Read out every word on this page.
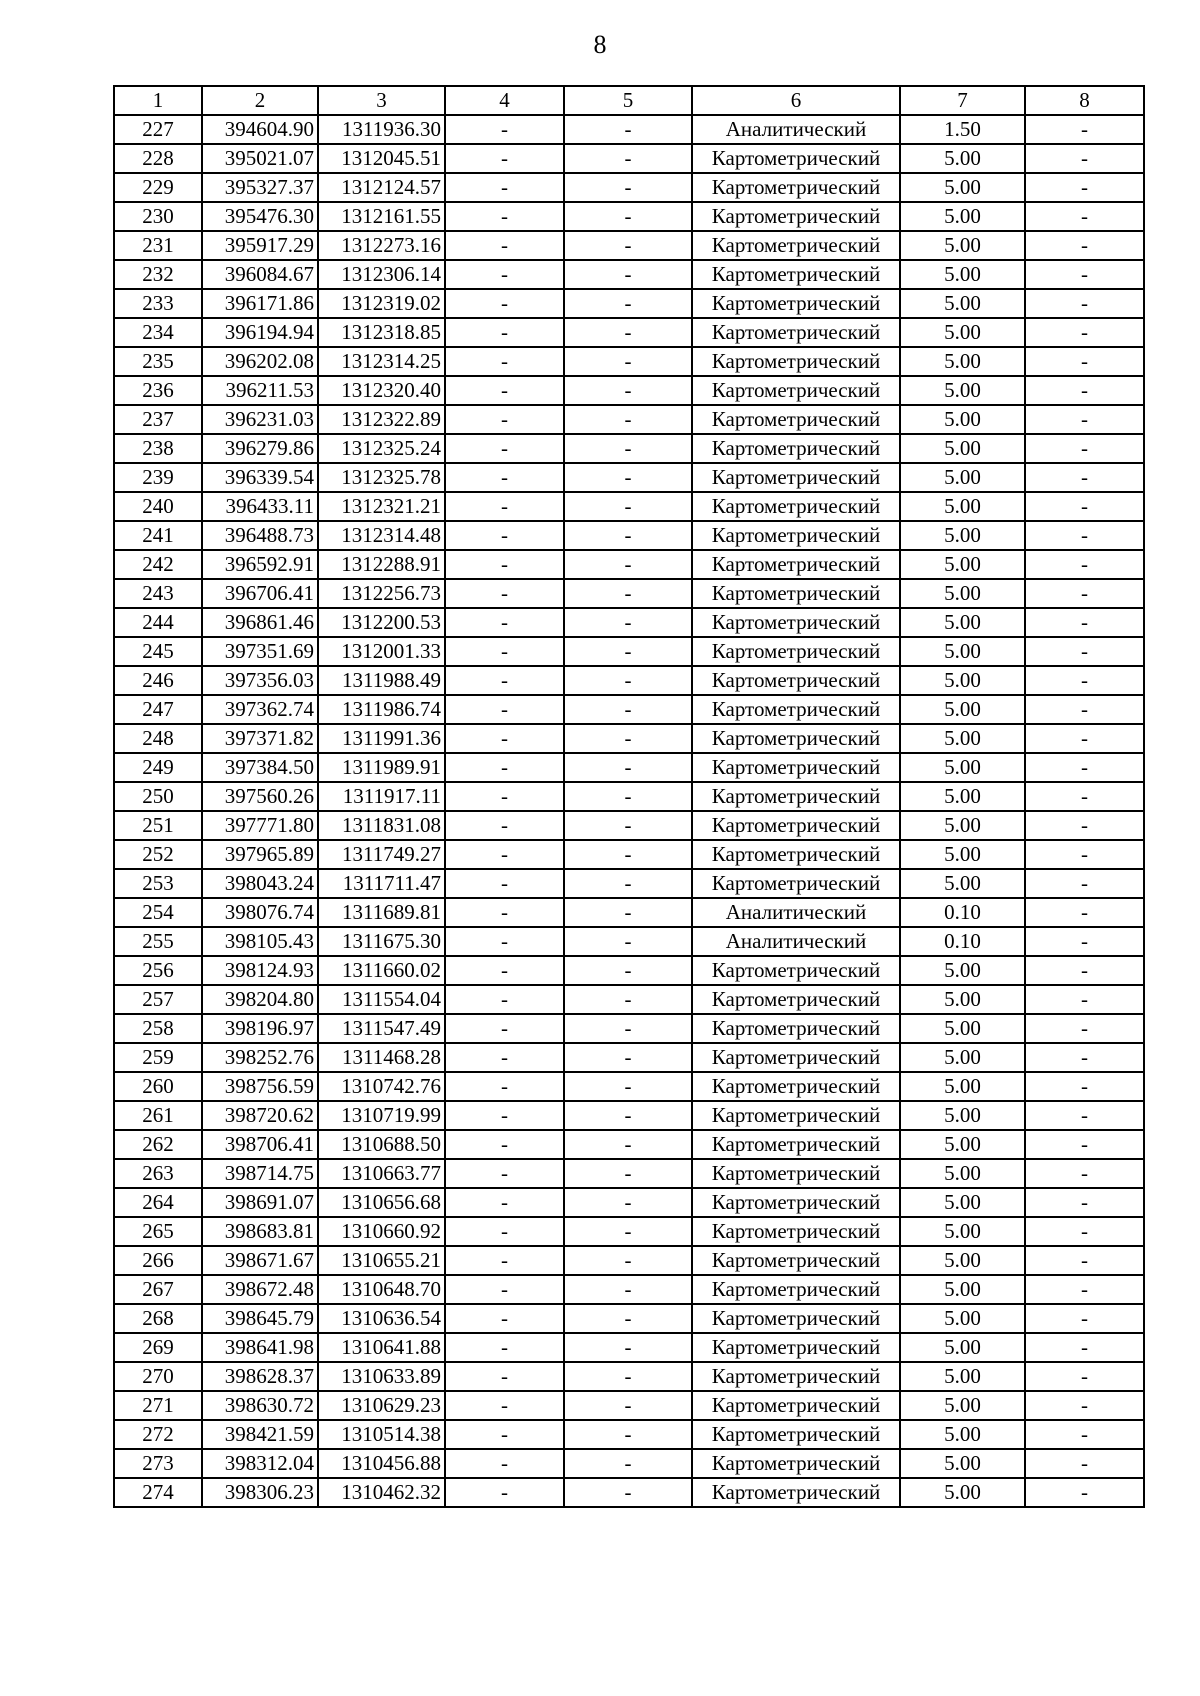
8
1	2	3	4	5	6	7	8
227	394604.90	1311936.30	-	-	Аналитический	1.50	-
228	395021.07	1312045.51	-	-	Картометрический	5.00	-
229	395327.37	1312124.57	-	-	Картометрический	5.00	-
230	395476.30	1312161.55	-	-	Картометрический	5.00	-
231	395917.29	1312273.16	-	-	Картометрический	5.00	-
232	396084.67	1312306.14	-	-	Картометрический	5.00	-
233	396171.86	1312319.02	-	-	Картометрический	5.00	-
234	396194.94	1312318.85	-	-	Картометрический	5.00	-
235	396202.08	1312314.25	-	-	Картометрический	5.00	-
236	396211.53	1312320.40	-	-	Картометрический	5.00	-
237	396231.03	1312322.89	-	-	Картометрический	5.00	-
238	396279.86	1312325.24	-	-	Картометрический	5.00	-
239	396339.54	1312325.78	-	-	Картометрический	5.00	-
240	396433.11	1312321.21	-	-	Картометрический	5.00	-
241	396488.73	1312314.48	-	-	Картометрический	5.00	-
242	396592.91	1312288.91	-	-	Картометрический	5.00	-
243	396706.41	1312256.73	-	-	Картометрический	5.00	-
244	396861.46	1312200.53	-	-	Картометрический	5.00	-
245	397351.69	1312001.33	-	-	Картометрический	5.00	-
246	397356.03	1311988.49	-	-	Картометрический	5.00	-
247	397362.74	1311986.74	-	-	Картометрический	5.00	-
248	397371.82	1311991.36	-	-	Картометрический	5.00	-
249	397384.50	1311989.91	-	-	Картометрический	5.00	-
250	397560.26	1311917.11	-	-	Картометрический	5.00	-
251	397771.80	1311831.08	-	-	Картометрический	5.00	-
252	397965.89	1311749.27	-	-	Картометрический	5.00	-
253	398043.24	1311711.47	-	-	Картометрический	5.00	-
254	398076.74	1311689.81	-	-	Аналитический	0.10	-
255	398105.43	1311675.30	-	-	Аналитический	0.10	-
256	398124.93	1311660.02	-	-	Картометрический	5.00	-
257	398204.80	1311554.04	-	-	Картометрический	5.00	-
258	398196.97	1311547.49	-	-	Картометрический	5.00	-
259	398252.76	1311468.28	-	-	Картометрический	5.00	-
260	398756.59	1310742.76	-	-	Картометрический	5.00	-
261	398720.62	1310719.99	-	-	Картометрический	5.00	-
262	398706.41	1310688.50	-	-	Картометрический	5.00	-
263	398714.75	1310663.77	-	-	Картометрический	5.00	-
264	398691.07	1310656.68	-	-	Картометрический	5.00	-
265	398683.81	1310660.92	-	-	Картометрический	5.00	-
266	398671.67	1310655.21	-	-	Картометрический	5.00	-
267	398672.48	1310648.70	-	-	Картометрический	5.00	-
268	398645.79	1310636.54	-	-	Картометрический	5.00	-
269	398641.98	1310641.88	-	-	Картометрический	5.00	-
270	398628.37	1310633.89	-	-	Картометрический	5.00	-
271	398630.72	1310629.23	-	-	Картометрический	5.00	-
272	398421.59	1310514.38	-	-	Картометрический	5.00	-
273	398312.04	1310456.88	-	-	Картометрический	5.00	-
274	398306.23	1310462.32	-	-	Картометрический	5.00	-
